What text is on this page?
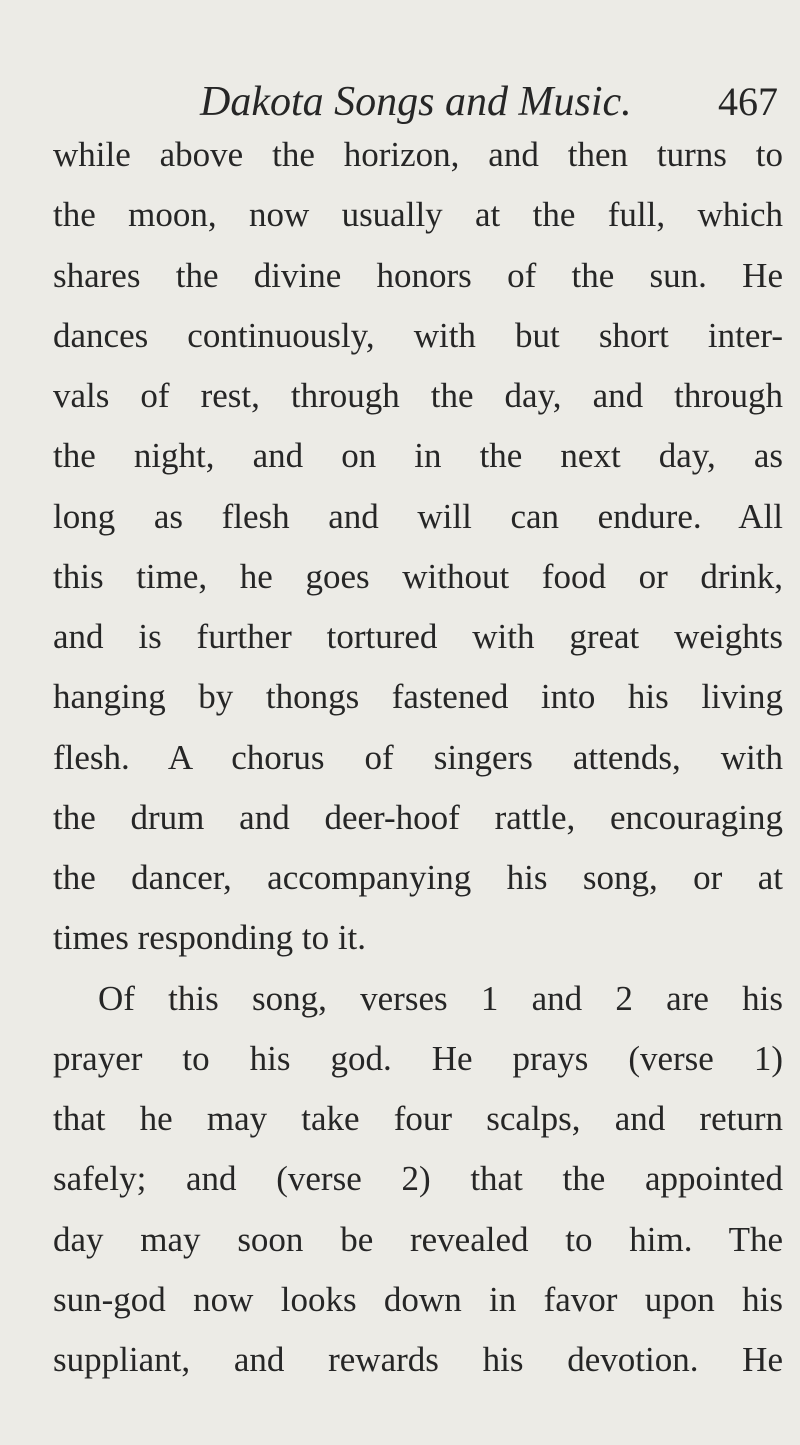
Dakota Songs and Music. 467
while above the horizon, and then turns to
the moon, now usually at the full, which
shares the divine honors of the sun. He
dances continuously, with but short inter-
vals of rest, through the day, and through
the night, and on in the next day, as
long as flesh and will can endure. All
this time, he goes without food or drink,
and is further tortured with great weights
hanging by thongs fastened into his living
flesh. A chorus of singers attends, with
the drum and deer-hoof rattle, encouraging
the dancer, accompanying his song, or at
times responding to it.
Of this song, verses 1 and 2 are his
prayer to his god. He prays (verse 1)
that he may take four scalps, and return
safely; and (verse 2) that the appointed
day may soon be revealed to him. The
sun-god now looks down in favor upon his
suppliant, and rewards his devotion. He
